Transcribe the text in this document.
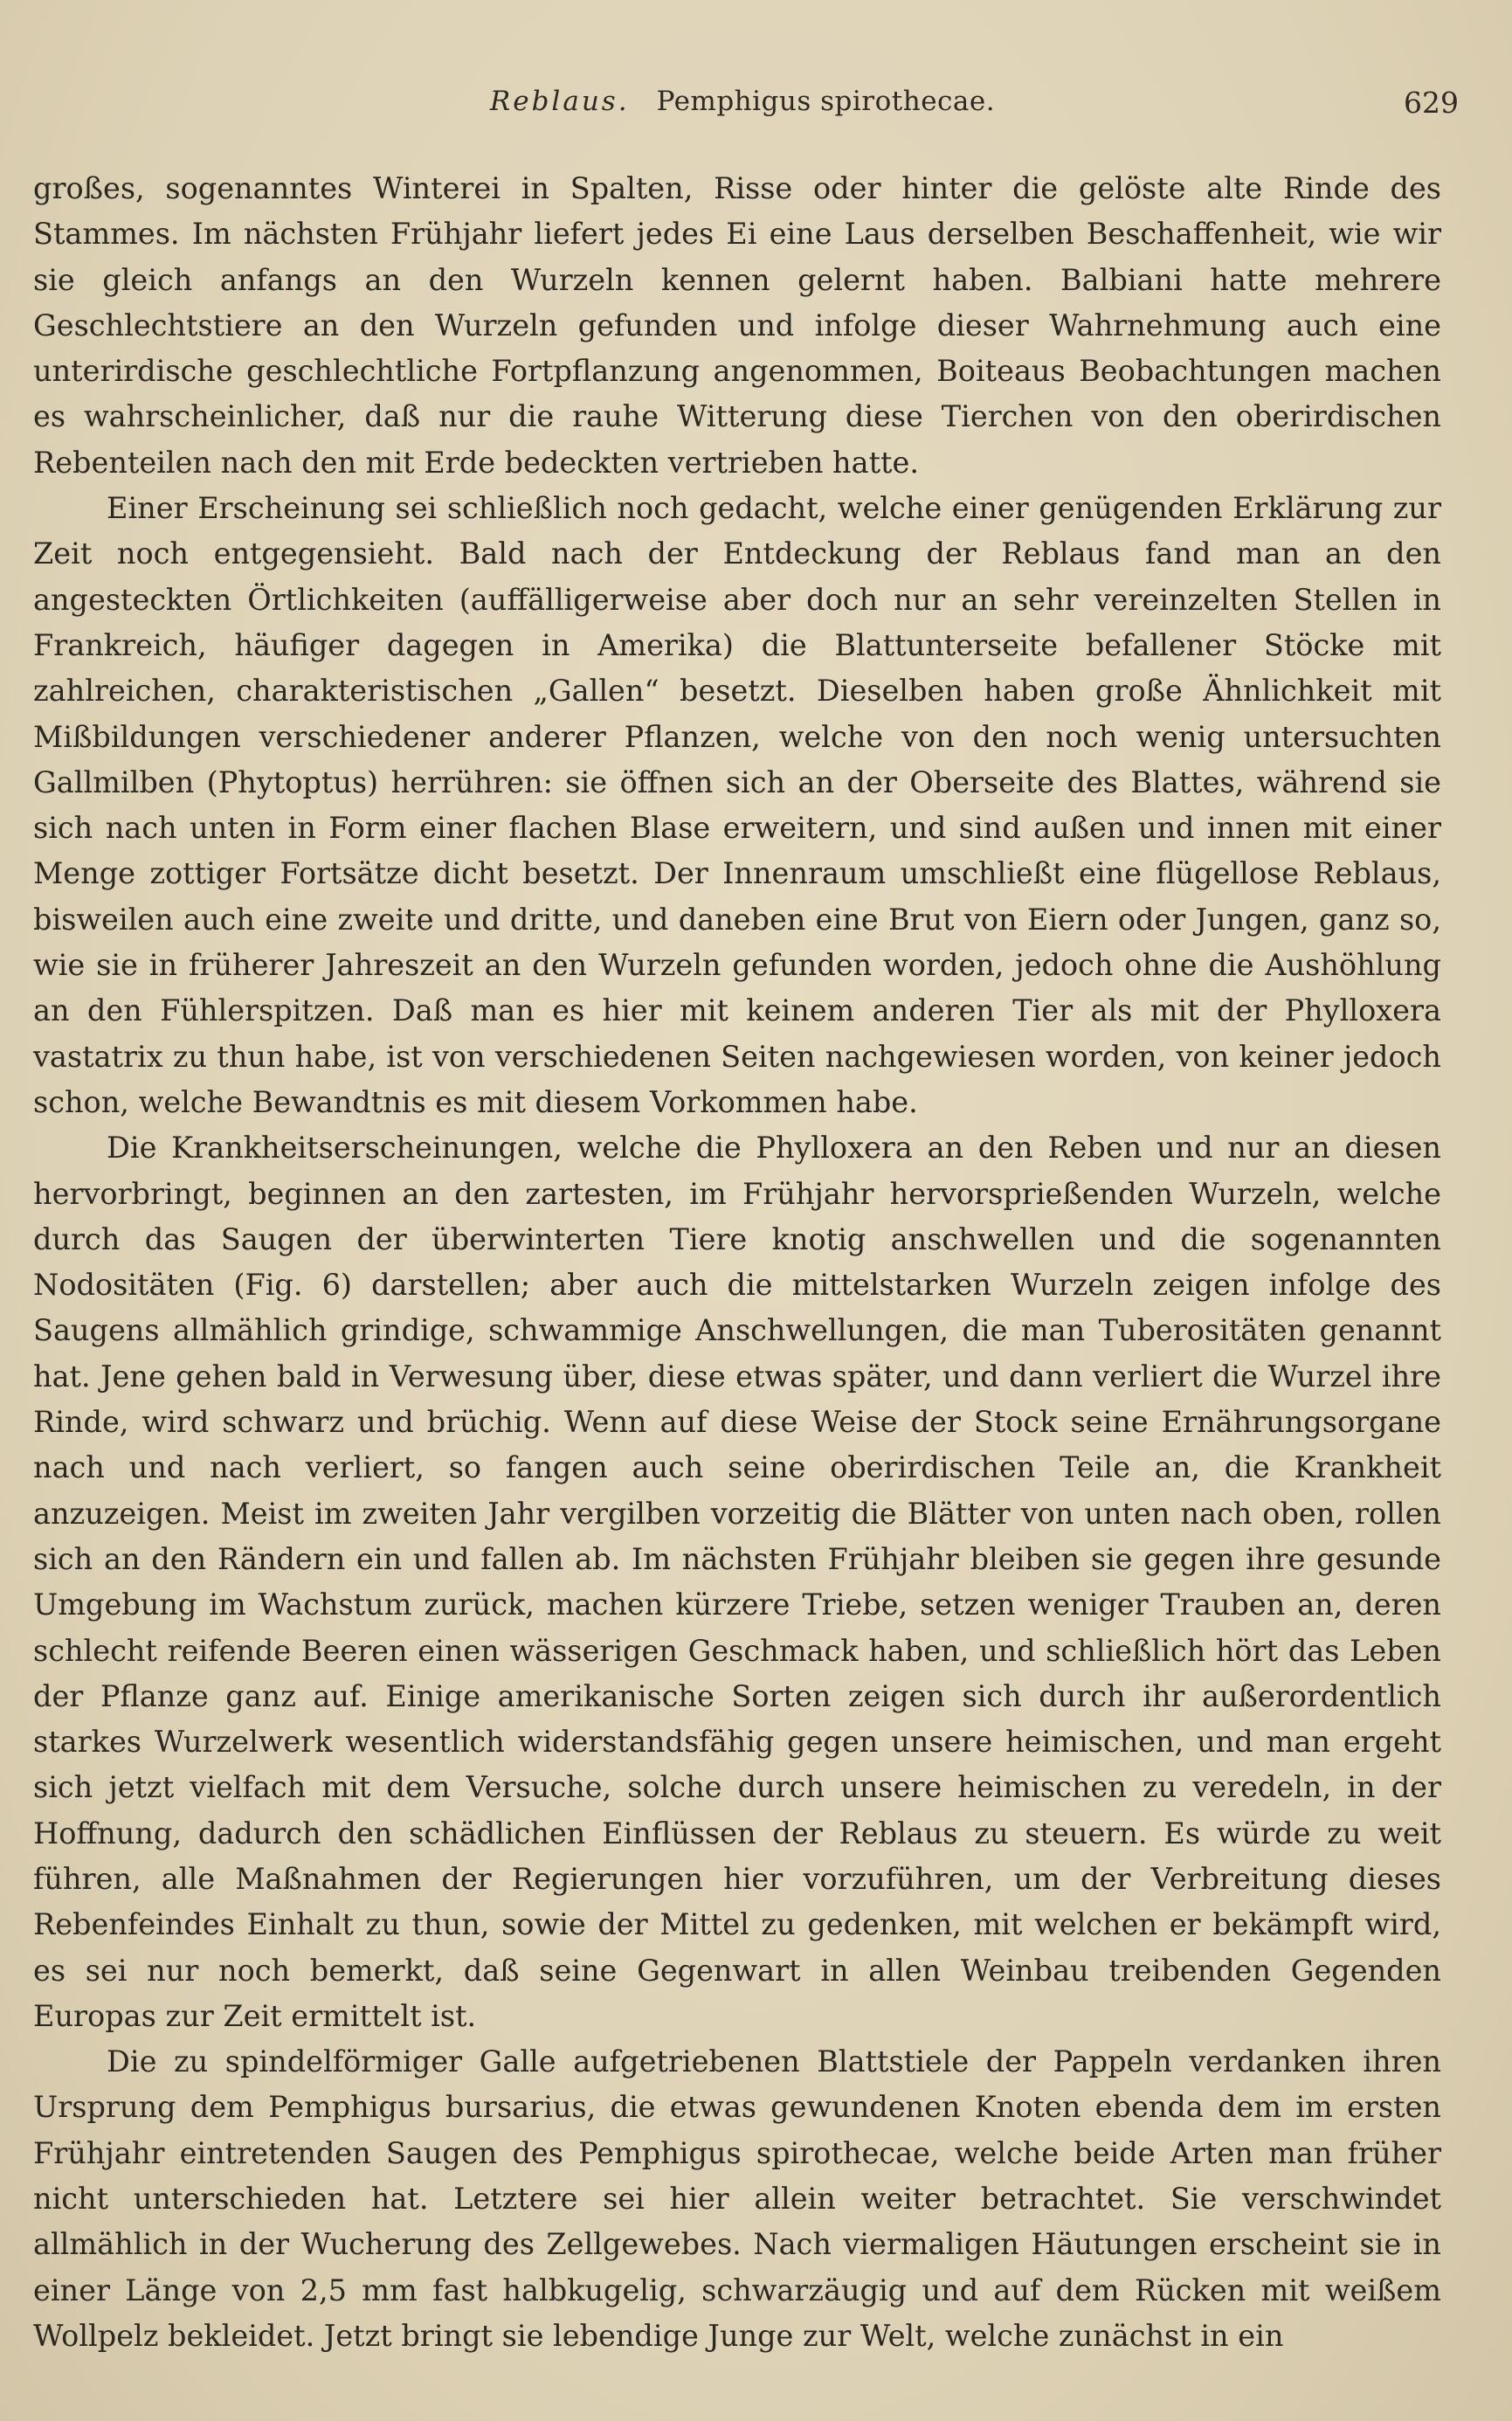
Reblaus. Pemphigus spirothecae.	629

großes, sogenanntes Winterei in Spalten, Risse oder hinter die gelöste alte Rinde des Stammes. Im nächsten Frühjahr liefert jedes Ei eine Laus derselben Beschaffenheit, wie wir sie gleich anfangs an den Wurzeln kennen gelernt haben. Balbiani hatte mehrere Geschlechtstiere an den Wurzeln gefunden und infolge dieser Wahrnehmung auch eine unterirdische geschlechtliche Fortpflanzung angenommen, Boiteaus Beobachtungen machen es wahrscheinlicher, daß nur die rauhe Witterung diese Tierchen von den oberirdischen Rebenteilen nach den mit Erde bedeckten vertrieben hatte.

Einer Erscheinung sei schließlich noch gedacht, welche einer genügenden Erklärung zur Zeit noch entgegensieht. Bald nach der Entdeckung der Reblaus fand man an den angesteckten Örtlichkeiten (auffälligerweise aber doch nur an sehr vereinzelten Stellen in Frankreich, häufiger dagegen in Amerika) die Blattunterseite befallener Stöcke mit zahlreichen, charakteristischen „Gallen“ besetzt. Dieselben haben große Ähnlichkeit mit Mißbildungen verschiedener anderer Pflanzen, welche von den noch wenig untersuchten Gallmilben (Phytoptus) herrühren: sie öffnen sich an der Oberseite des Blattes, während sie sich nach unten in Form einer flachen Blase erweitern, und sind außen und innen mit einer Menge zottiger Fortsätze dicht besetzt. Der Innenraum umschließt eine flügellose Reblaus, bisweilen auch eine zweite und dritte, und daneben eine Brut von Eiern oder Jungen, ganz so, wie sie in früherer Jahreszeit an den Wurzeln gefunden worden, jedoch ohne die Aushöhlung an den Fühlerspitzen. Daß man es hier mit keinem anderen Tier als mit der Phylloxera vastatrix zu thun habe, ist von verschiedenen Seiten nachgewiesen worden, von keiner jedoch schon, welche Bewandtnis es mit diesem Vorkommen habe.

Die Krankheitserscheinungen, welche die Phylloxera an den Reben und nur an diesen hervorbringt, beginnen an den zartesten, im Frühjahr hervorsprießenden Wurzeln, welche durch das Saugen der überwinterten Tiere knotig anschwellen und die sogenannten Nodositäten (Fig. 6) darstellen; aber auch die mittelstarken Wurzeln zeigen infolge des Saugens allmählich grindige, schwammige Anschwellungen, die man Tuberositäten genannt hat. Jene gehen bald in Verwesung über, diese etwas später, und dann verliert die Wurzel ihre Rinde, wird schwarz und brüchig. Wenn auf diese Weise der Stock seine Ernährungsorgane nach und nach verliert, so fangen auch seine oberirdischen Teile an, die Krankheit anzuzeigen. Meist im zweiten Jahr vergilben vorzeitig die Blätter von unten nach oben, rollen sich an den Rändern ein und fallen ab. Im nächsten Frühjahr bleiben sie gegen ihre gesunde Umgebung im Wachstum zurück, machen kürzere Triebe, setzen weniger Trauben an, deren schlecht reifende Beeren einen wässerigen Geschmack haben, und schließlich hört das Leben der Pflanze ganz auf. Einige amerikanische Sorten zeigen sich durch ihr außerordentlich starkes Wurzelwerk wesentlich widerstandsfähig gegen unsere heimischen, und man ergeht sich jetzt vielfach mit dem Versuche, solche durch unsere heimischen zu veredeln, in der Hoffnung, dadurch den schädlichen Einflüssen der Reblaus zu steuern. Es würde zu weit führen, alle Maßnahmen der Regierungen hier vorzuführen, um der Verbreitung dieses Rebenfeindes Einhalt zu thun, sowie der Mittel zu gedenken, mit welchen er bekämpft wird, es sei nur noch bemerkt, daß seine Gegenwart in allen Weinbau treibenden Gegenden Europas zur Zeit ermittelt ist.

Die zu spindelförmiger Galle aufgetriebenen Blattstiele der Pappeln verdanken ihren Ursprung dem Pemphigus bursarius, die etwas gewundenen Knoten ebenda dem im ersten Frühjahr eintretenden Saugen des Pemphigus spirothecae, welche beide Arten man früher nicht unterschieden hat. Letztere sei hier allein weiter betrachtet. Sie verschwindet allmählich in der Wucherung des Zellgewebes. Nach viermaligen Häutungen erscheint sie in einer Länge von 2,5 mm fast halbkugelig, schwarzäugig und auf dem Rücken mit weißem Wollpelz bekleidet. Jetzt bringt sie lebendige Junge zur Welt, welche zunächst in ein
